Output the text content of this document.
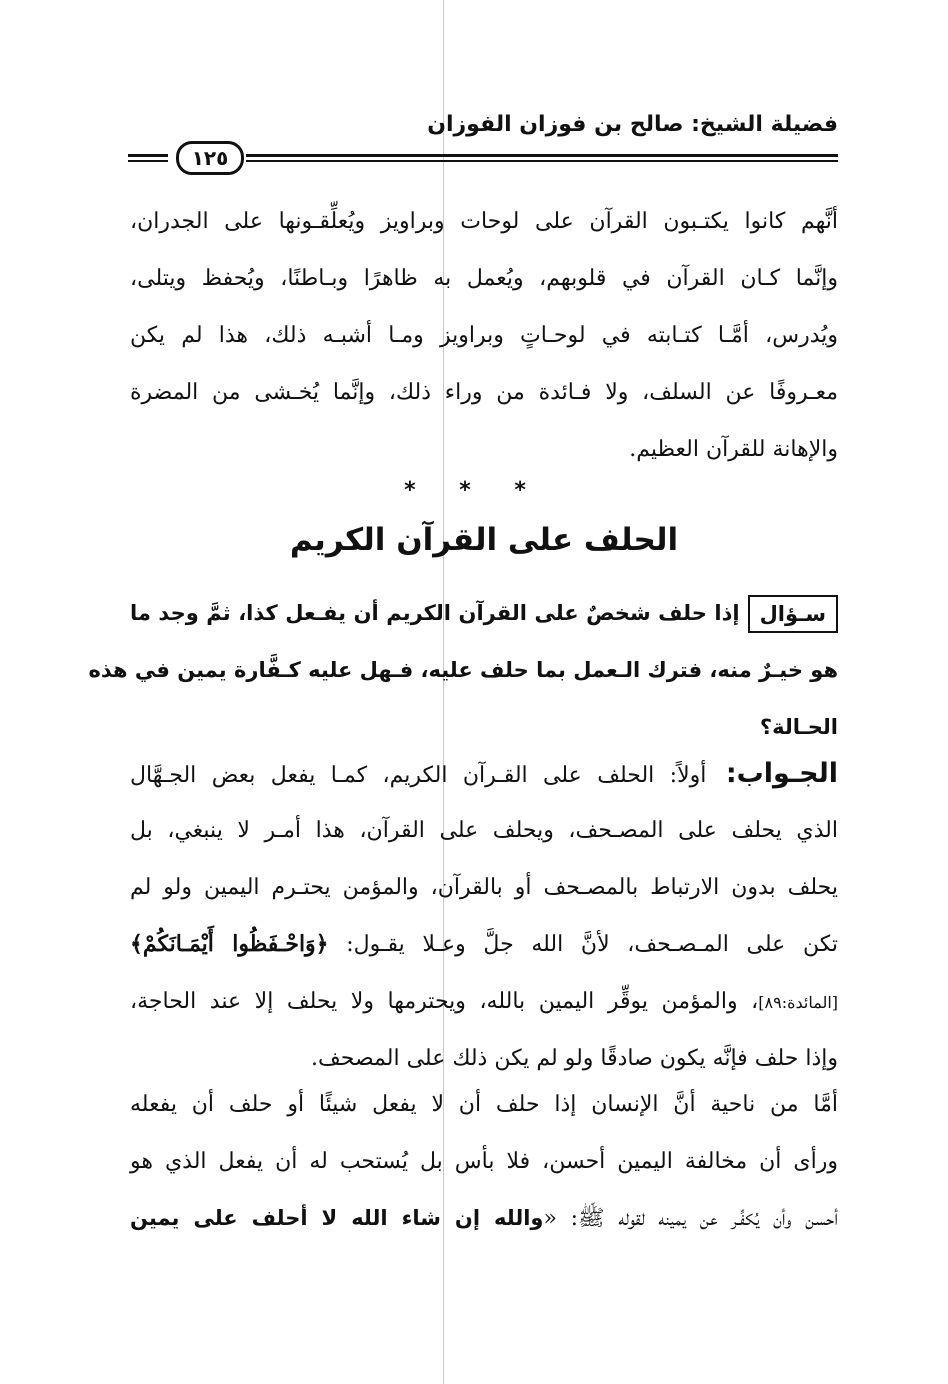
فضيلة الشيخ: صالح بن فوزان الفوزان
١٢٥
أنَّهم كانوا يكتـبون القرآن على لوحات وبراويز ويُعلِّقـونها على الجدران،
وإنَّما كـان القرآن في قلوبهم، ويُعمل به ظاهرًا وبـاطنًا، ويُحفظ ويتلى،
ويُدرس، أمَّـا كتـابته في لوحـاتٍ وبراويز ومـا أشبـه ذلك، هذا لم يكن
معـروفًا عن السلف، ولا فـائدة من وراء ذلك، وإنَّما يُخـشى من المضرة
والإهانة للقرآن العظيم.
* * *
الحلف على القرآن الكريم
سـؤالإذا حلف شخصٌ على القرآن الكريم أن يفـعل كذا، ثمَّ وجد ما
هو خيـرٌ منه، فترك الـعمل بما حلف عليه، فـهل عليه كـفَّارة يمين في هذه
الحـالة؟
الجـواب: أولاً: الحلف على القـرآن الكريم، كمـا يفعل بعض الجـهَّال
الذي يحلف على المصـحف، ويحلف على القرآن، هذا أمـر لا ينبغي، بل
يحلف بدون الارتباط بالمصـحف أو بالقرآن، والمؤمن يحتـرم اليمين ولو لم
تكن على المـصـحف، لأنَّ الله جلَّ وعـلا يقـول: ﴿وَاحْـفَظُوا أَيْمَـانَكُمْ﴾
[المائدة:٨٩]، والمؤمن يوقِّر اليمين بالله، ويحترمها ولا يحلف إلا عند الحاجة،
وإذا حلف فإنَّه يكون صادقًا ولو لم يكن ذلك على المصحف.
أمَّا من ناحية أنَّ الإنسان إذا حلف أن لا يفعل شيئًا أو حلف أن يفعله
ورأى أن مخالفة اليمين أحسن، فلا بأس بل يُستحب له أن يفعل الذي هو
أحسن وأن يُكفِّـر عن يمينه لقوله ﷺ: «والله إن شاء الله لا أحلف على يمين
